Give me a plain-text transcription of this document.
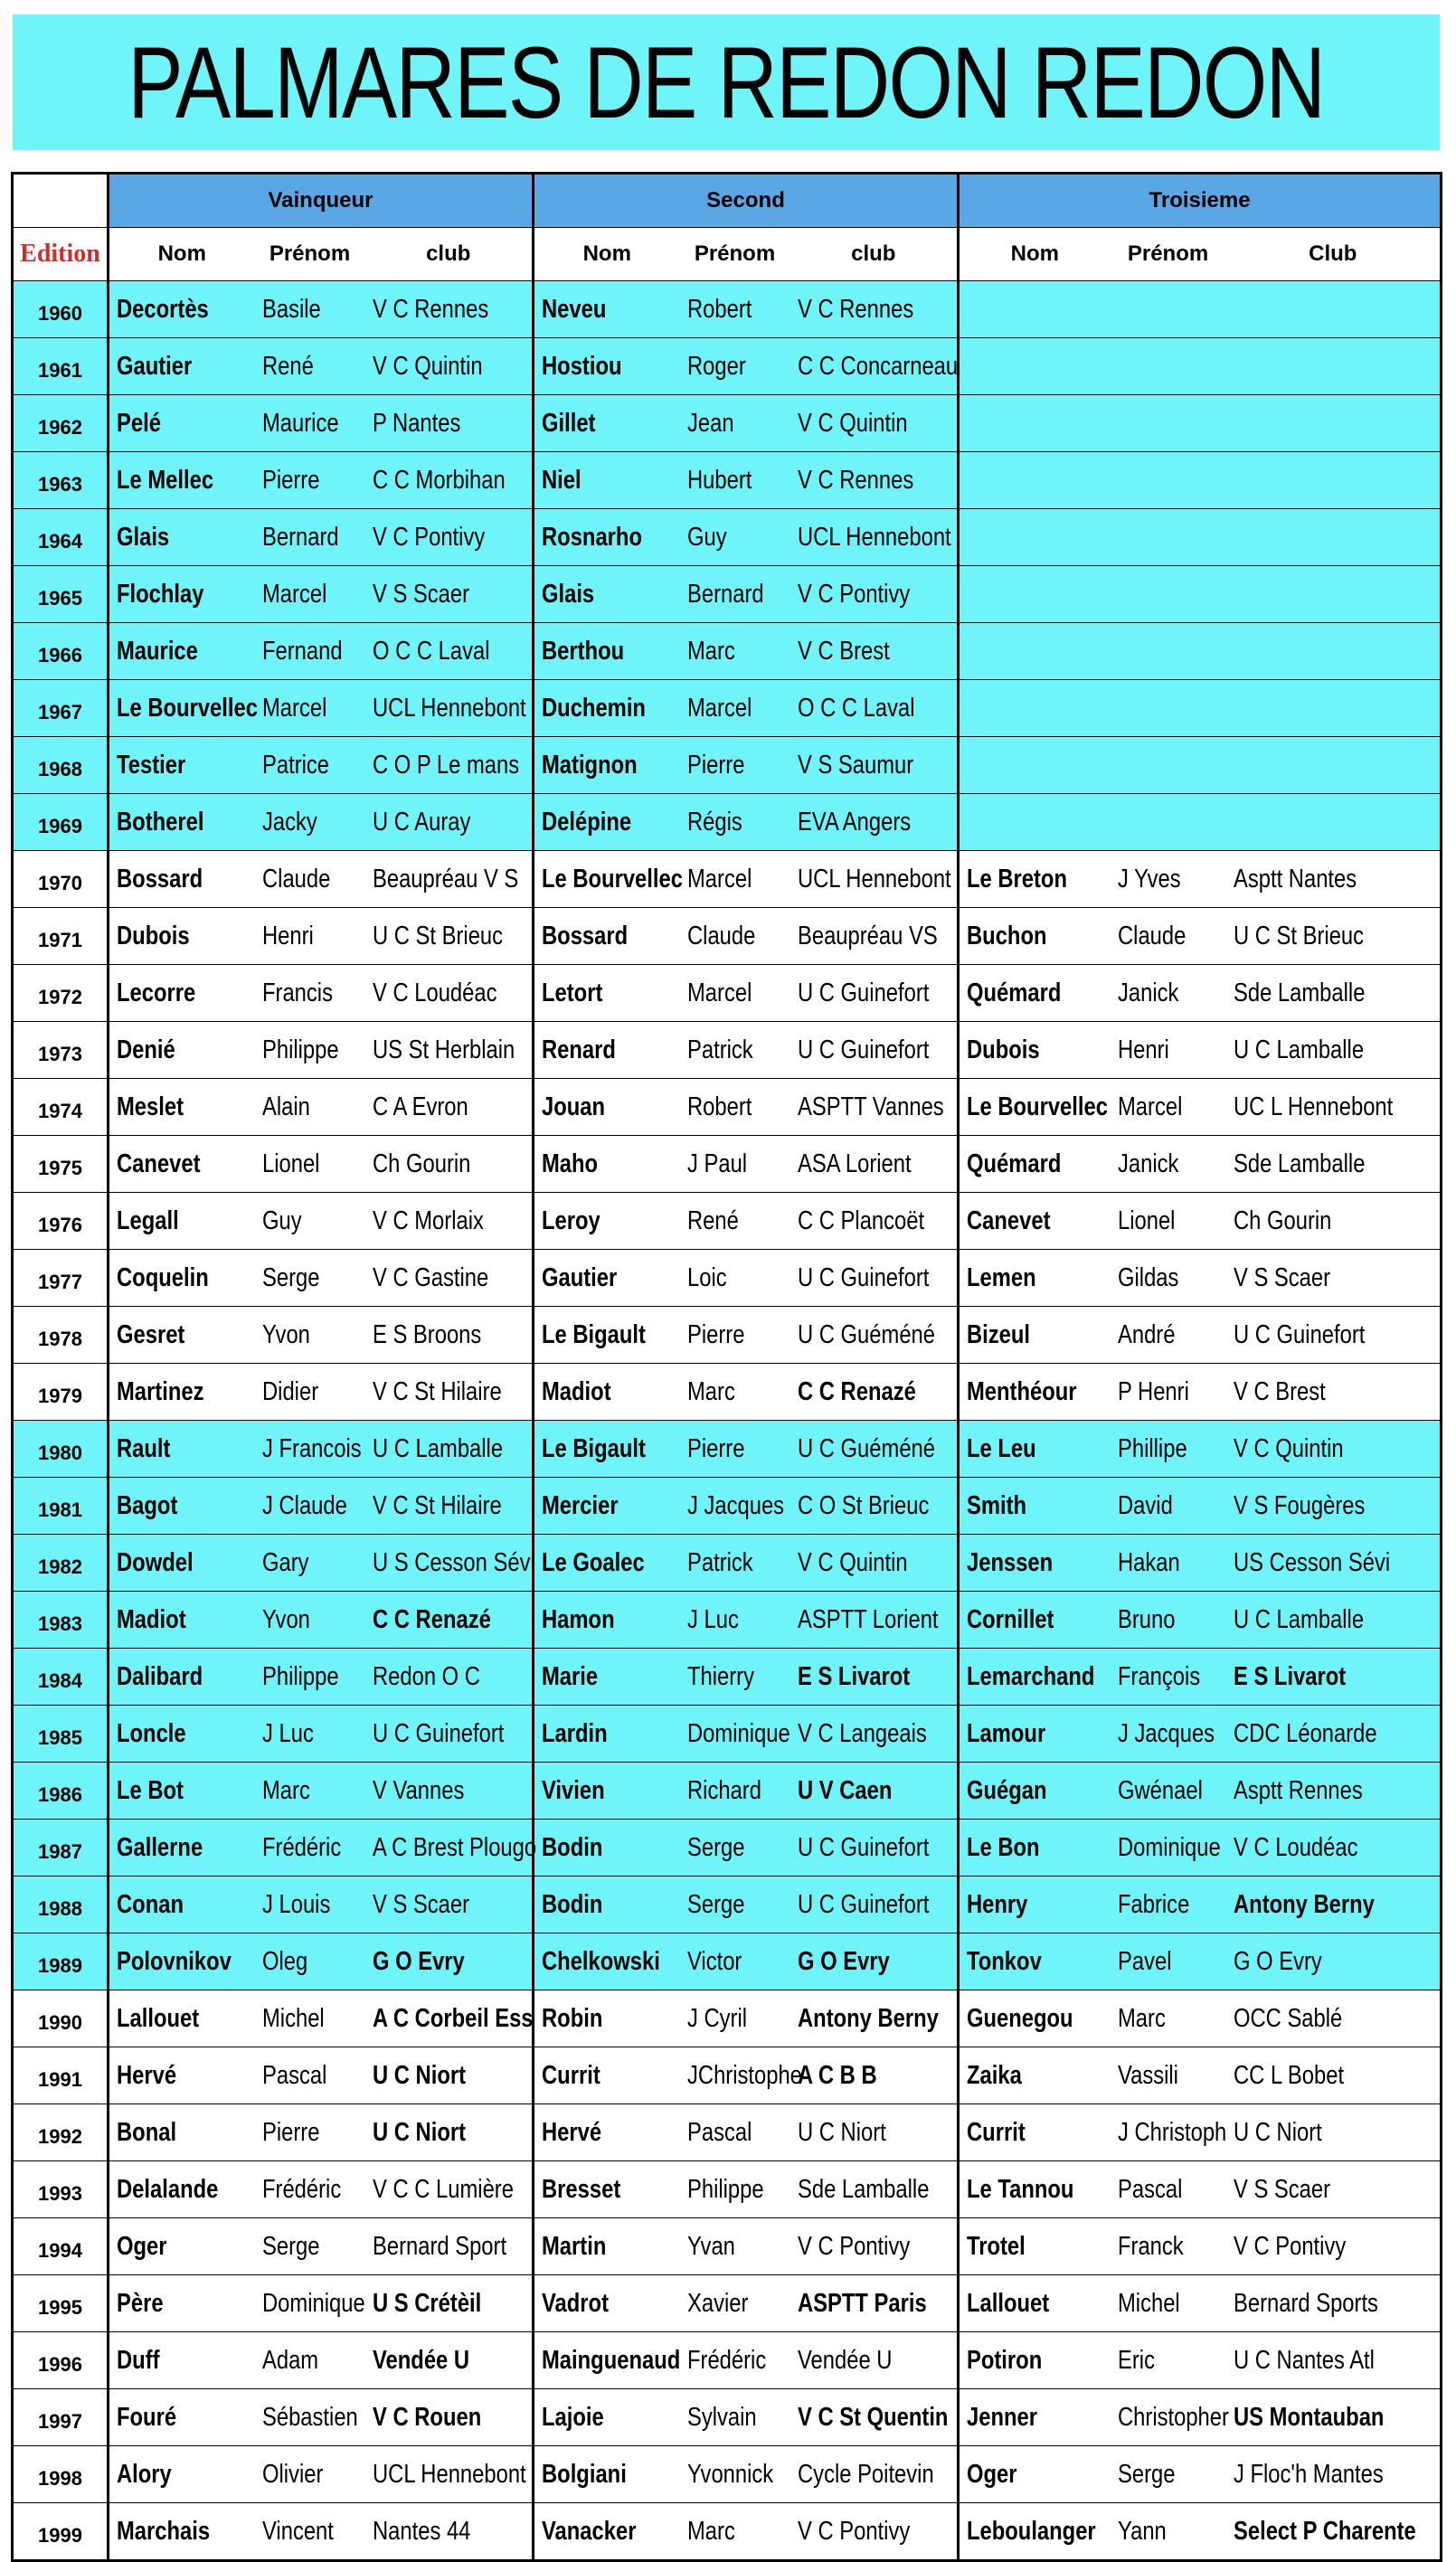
PALMARES DE REDON REDON
	Vainqueur			Second			Troisieme		
Edition	Nom	Prénom	club	Nom	Prénom	club	Nom	Prénom	Club
1960	Decortès	Basile	V C Rennes	Neveu	Robert	V C Rennes			
1961	Gautier	René	V C Quintin	Hostiou	Roger	C C Concarneau			
1962	Pelé	Maurice	P Nantes	Gillet	Jean	V C Quintin			
1963	Le Mellec	Pierre	C C Morbihan	Niel	Hubert	V C Rennes			
1964	Glais	Bernard	V C Pontivy	Rosnarho	Guy	UCL Hennebont			
1965	Flochlay	Marcel	V S Scaer	Glais	Bernard	V C Pontivy			
1966	Maurice	Fernand	O C C Laval	Berthou	Marc	V C Brest			
1967	Le Bourvellec	Marcel	UCL Hennebont	Duchemin	Marcel	O C C Laval			
1968	Testier	Patrice	C O P Le mans	Matignon	Pierre	V S Saumur			
1969	Botherel	Jacky	U C Auray	Delépine	Régis	EVA Angers			
1970	Bossard	Claude	Beaupréau V S	Le Bourvellec	Marcel	UCL Hennebont	Le Breton	J Yves	Asptt Nantes
1971	Dubois	Henri	U C St Brieuc	Bossard	Claude	Beaupréau VS	Buchon	Claude	U C St Brieuc
1972	Lecorre	Francis	V C Loudéac	Letort	Marcel	U C Guinefort	Quémard	Janick	Sde Lamballe
1973	Denié	Philippe	US St Herblain	Renard	Patrick	U C Guinefort	Dubois	Henri	U C Lamballe
1974	Meslet	Alain	C A Evron	Jouan	Robert	ASPTT Vannes	Le Bourvellec	Marcel	UC L Hennebont
1975	Canevet	Lionel	Ch Gourin	Maho	J Paul	ASA Lorient	Quémard	Janick	Sde Lamballe
1976	Legall	Guy	V C Morlaix	Leroy	René	C C Plancoët	Canevet	Lionel	Ch Gourin
1977	Coquelin	Serge	V C Gastine	Gautier	Loic	U C Guinefort	Lemen	Gildas	V S Scaer
1978	Gesret	Yvon	E S Broons	Le Bigault	Pierre	U C Guéméné	Bizeul	André	U C Guinefort
1979	Martinez	Didier	V C St Hilaire	Madiot	Marc	C C Renazé	Menthéour	P Henri	V C Brest
1980	Rault	J Francois	U C Lamballe	Le Bigault	Pierre	U C Guéméné	Le Leu	Phillipe	V C Quintin
1981	Bagot	J Claude	V C St Hilaire	Mercier	J Jacques	C O St Brieuc	Smith	David	V S Fougères
1982	Dowdel	Gary	U S Cesson Sév	Le Goalec	Patrick	V C Quintin	Jenssen	Hakan	US Cesson Sévi
1983	Madiot	Yvon	C C Renazé	Hamon	J Luc	ASPTT Lorient	Cornillet	Bruno	U C Lamballe
1984	Dalibard	Philippe	Redon O C	Marie	Thierry	E S Livarot	Lemarchand	François	E S Livarot
1985	Loncle	J Luc	U C Guinefort	Lardin	Dominique	V C Langeais	Lamour	J Jacques	CDC Léonarde
1986	Le Bot	Marc	V Vannes	Vivien	Richard	U V Caen	Guégan	Gwénael	Asptt Rennes
1987	Gallerne	Frédéric	A C Brest Plougo	Bodin	Serge	U C Guinefort	Le Bon	Dominique	V C Loudéac
1988	Conan	J Louis	V S Scaer	Bodin	Serge	U C Guinefort	Henry	Fabrice	Antony Berny
1989	Polovnikov	Oleg	G O Evry	Chelkowski	Victor	G O Evry	Tonkov	Pavel	G O Evry
1990	Lallouet	Michel	A C Corbeil Ess	Robin	J Cyril	Antony Berny	Guenegou	Marc	OCC Sablé
1991	Hervé	Pascal	U C Niort	Currit	JChristophe	A C B B	Zaika	Vassili	CC L Bobet
1992	Bonal	Pierre	U C Niort	Hervé	Pascal	U C Niort	Currit	J Christoph	U C Niort
1993	Delalande	Frédéric	V C C Lumière	Bresset	Philippe	Sde Lamballe	Le Tannou	Pascal	V S Scaer
1994	Oger	Serge	Bernard Sport	Martin	Yvan	V C Pontivy	Trotel	Franck	V C Pontivy
1995	Père	Dominique	U S Crétèil	Vadrot	Xavier	ASPTT Paris	Lallouet	Michel	Bernard Sports
1996	Duff	Adam	Vendée U	Mainguenaud	Frédéric	Vendée U	Potiron	Eric	U C Nantes Atl
1997	Fouré	Sébastien	V C Rouen	Lajoie	Sylvain	V C St Quentin	Jenner	Christopher	US Montauban
1998	Alory	Olivier	UCL Hennebont	Bolgiani	Yvonnick	Cycle Poitevin	Oger	Serge	J Floc'h Mantes
1999	Marchais	Vincent	Nantes 44	Vanacker	Marc	V C Pontivy	Leboulanger	Yann	Select P Charente
